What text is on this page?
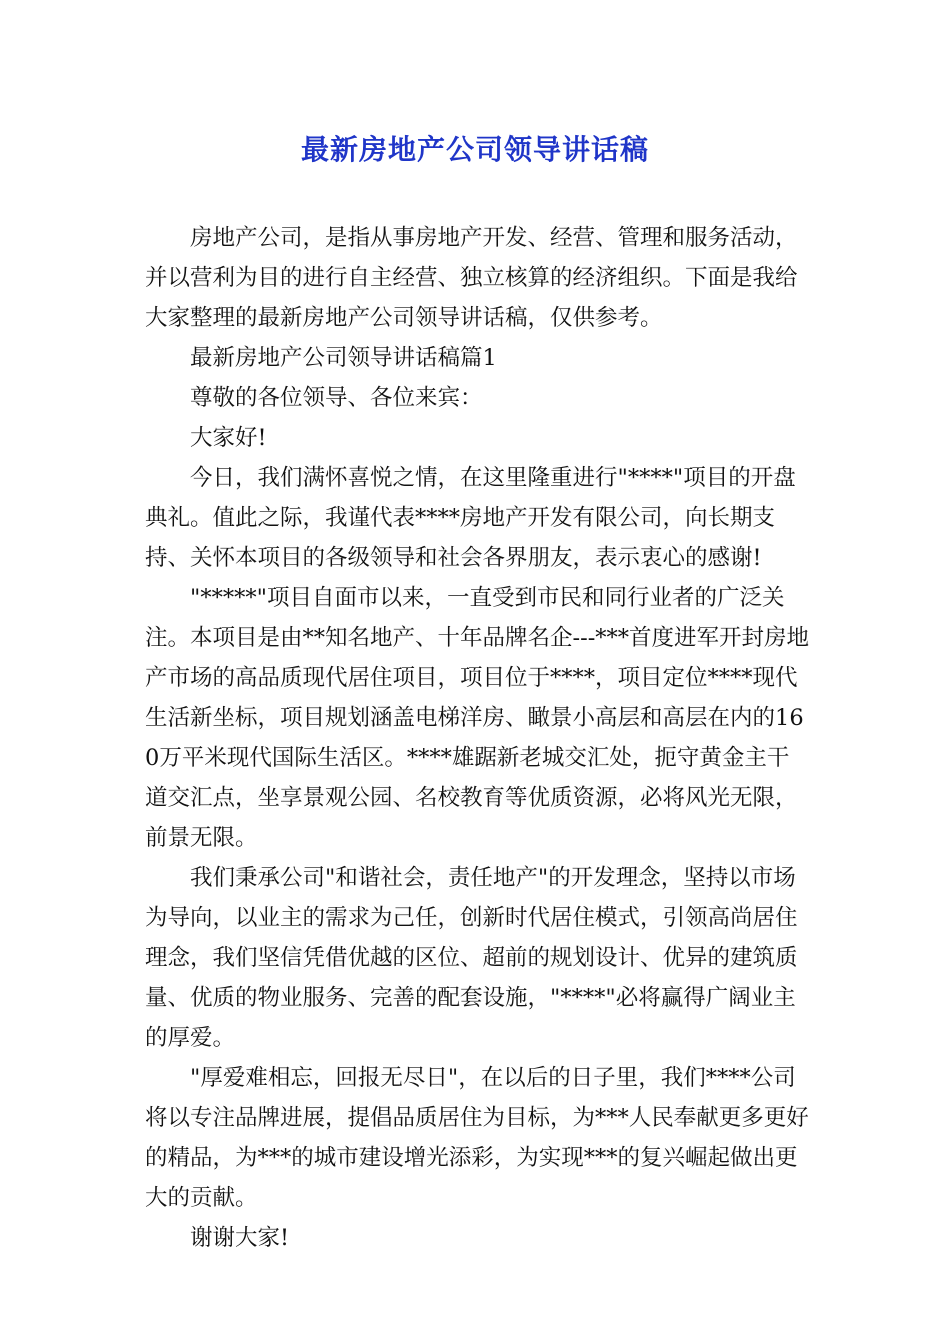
最新房地产公司领导讲话稿

房地产公司，是指从事房地产开发、经营、管理和服务活动，并以营利为目的进行自主经营、独立核算的经济组织。下面是我给大家整理的最新房地产公司领导讲话稿，仅供参考。

最新房地产公司领导讲话稿篇1

尊敬的各位领导、各位来宾：

大家好!

今日，我们满怀喜悦之情，在这里隆重进行"****"项目的开盘典礼。值此之际，我谨代表****房地产开发有限公司，向长期支持、关怀本项目的各级领导和社会各界朋友，表示衷心的感谢!

"*****"项目自面市以来，一直受到市民和同行业者的广泛关注。本项目是由**知名地产、十年品牌名企---***首度进军开封房地产市场的高品质现代居住项目，项目位于****，项目定位****现代生活新坐标，项目规划涵盖电梯洋房、瞰景小高层和高层在内的160万平米现代国际生活区。****雄踞新老城交汇处，扼守黄金主干道交汇点，坐享景观公园、名校教育等优质资源，必将风光无限，前景无限。

我们秉承公司"和谐社会，责任地产"的开发理念，坚持以市场为导向，以业主的需求为己任，创新时代居住模式，引领高尚居住理念，我们坚信凭借优越的区位、超前的规划设计、优异的建筑质量、优质的物业服务、完善的配套设施，"****"必将赢得广阔业主的厚爱。

"厚爱难相忘，回报无尽日"，在以后的日子里，我们****公司将以专注品牌进展，提倡品质居住为目标，为***人民奉献更多更好的精品，为***的城市建设增光添彩，为实现***的复兴崛起做出更大的贡献。

谢谢大家!
